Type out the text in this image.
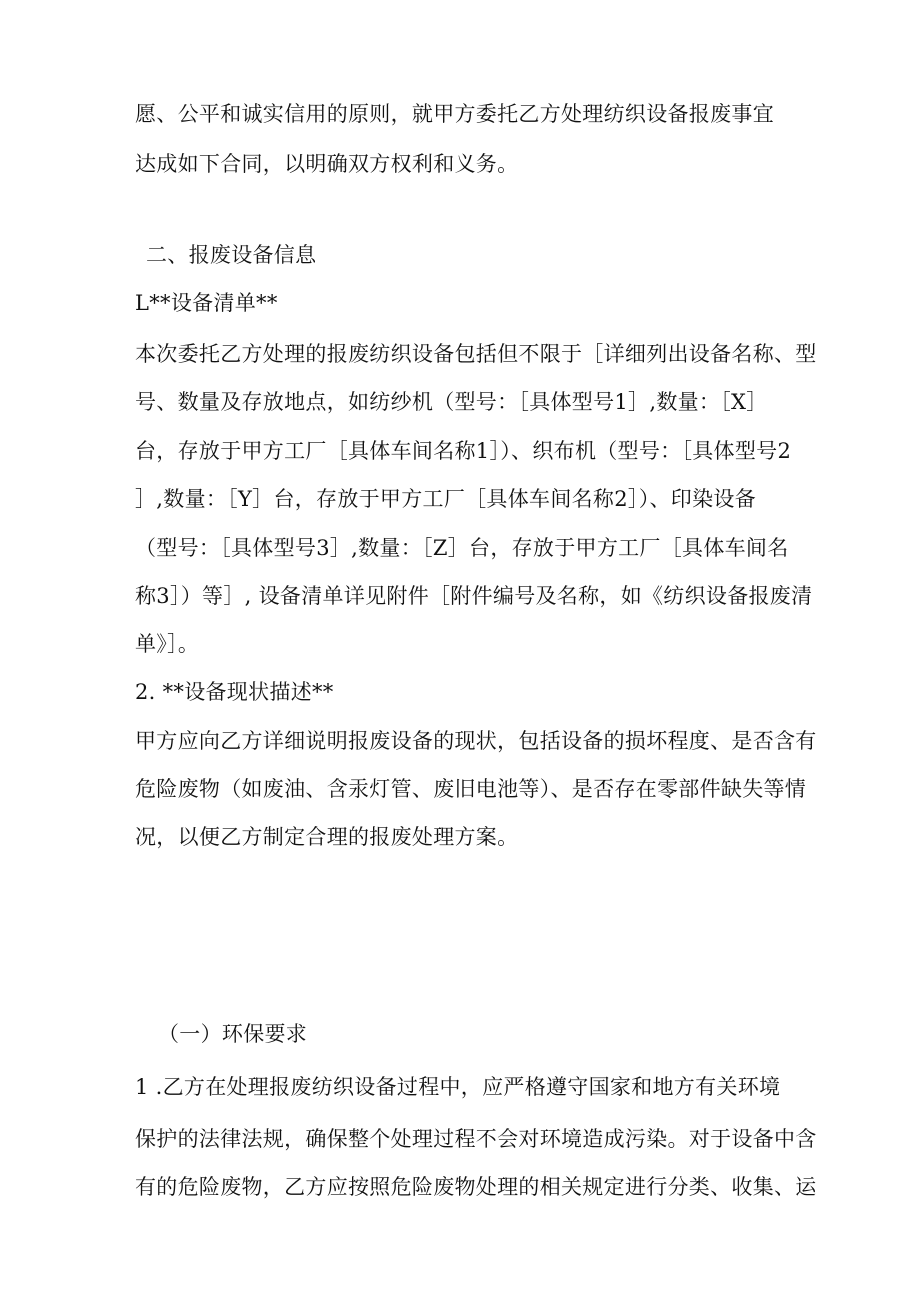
愿、公平和诚实信用的原则，就甲方委托乙方处理纺织设备报废事宜
达成如下合同，以明确双方权利和义务。
二、报废设备信息
L**设备清单**
本次委托乙方处理的报废纺织设备包括但不限于［详细列出设备名称、型
号、数量及存放地点，如纺纱机（型号：［具体型号1］,数量：［X］
台，存放于甲方工厂［具体车间名称1］）、织布机（型号：［具体型号2
］,数量：［Y］台，存放于甲方工厂［具体车间名称2］）、印染设备
（型号：［具体型号3］,数量：［Z］台，存放于甲方工厂［具体车间名
称3］）等］, 设备清单详见附件［附件编号及名称，如《纺织设备报废清
单》］。
2. **设备现状描述**
甲方应向乙方详细说明报废设备的现状，包括设备的损坏程度、是否含有
危险废物（如废油、含汞灯管、废旧电池等）、是否存在零部件缺失等情
况，以便乙方制定合理的报废处理方案。
（一）环保要求
1 .乙方在处理报废纺织设备过程中，应严格遵守国家和地方有关环境
保护的法律法规，确保整个处理过程不会对环境造成污染。对于设备中含
有的危险废物，乙方应按照危险废物处理的相关规定进行分类、收集、运
